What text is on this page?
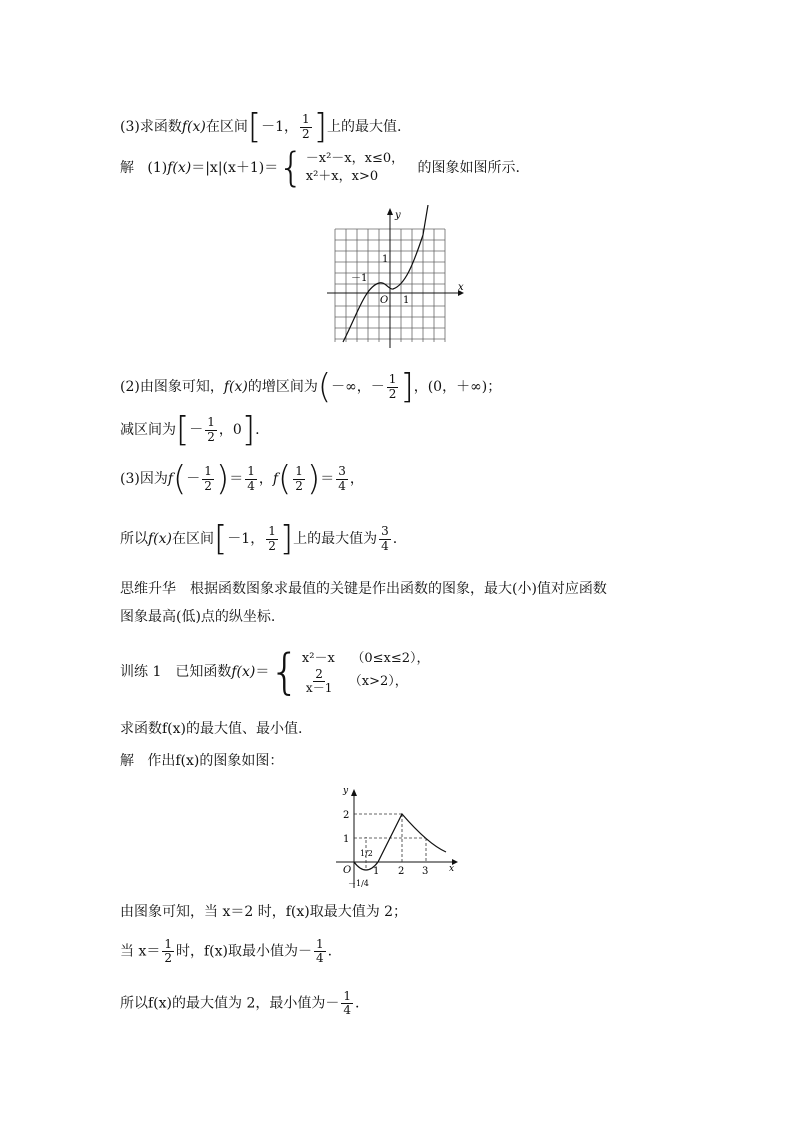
(3)求函数f(x)在区间[－1， $\frac{1}{2}$ ]上的最大值.
解 (1)f(x)＝|x|(x＋1)＝{ －x²－x，x≤0，
x²＋x，x>0
的图象如图所示.
y
x
O 1
1
－1
(2)由图象可知，f(x)的增区间为(－∞，－ $\frac{1}{2}$ ]，(0，＋∞)；
减区间为[－ $\frac{1}{2}$ ，0].
(3)因为$f(- \frac{1}{2}$ )＝ $\frac{1}{4}$ ，$f( \frac{1}{2}$ )＝ $\frac{3}{4}$ ，
所以f(x)在区间[－1， $\frac{1}{2}$ ]上的最大值为 $\frac{3}{4}$ .
思维升华　根据函数图象求最值的关键是作出函数的图象，最大(小)值对应函数
图象最高(低)点的纵坐标.
训练 1　已知函数f(x)＝{ x²－x （0≤x≤2），
$\frac{2}{x-1} (x>2)$，
求函数f(x)的最大值、最小值.
解 作出f(x)的图象如图：
y
x
O 1 2 3
2
1
1/2
－1/4
由图象可知，当 x＝2 时，f(x)取最大值为 2；
当 $x= \frac{1}{2}$ 时，f(x)取最小值为－ $\frac{1}{4}$ .
所以f(x)的最大值为 2，最小值为－ $\frac{1}{4}$ .
